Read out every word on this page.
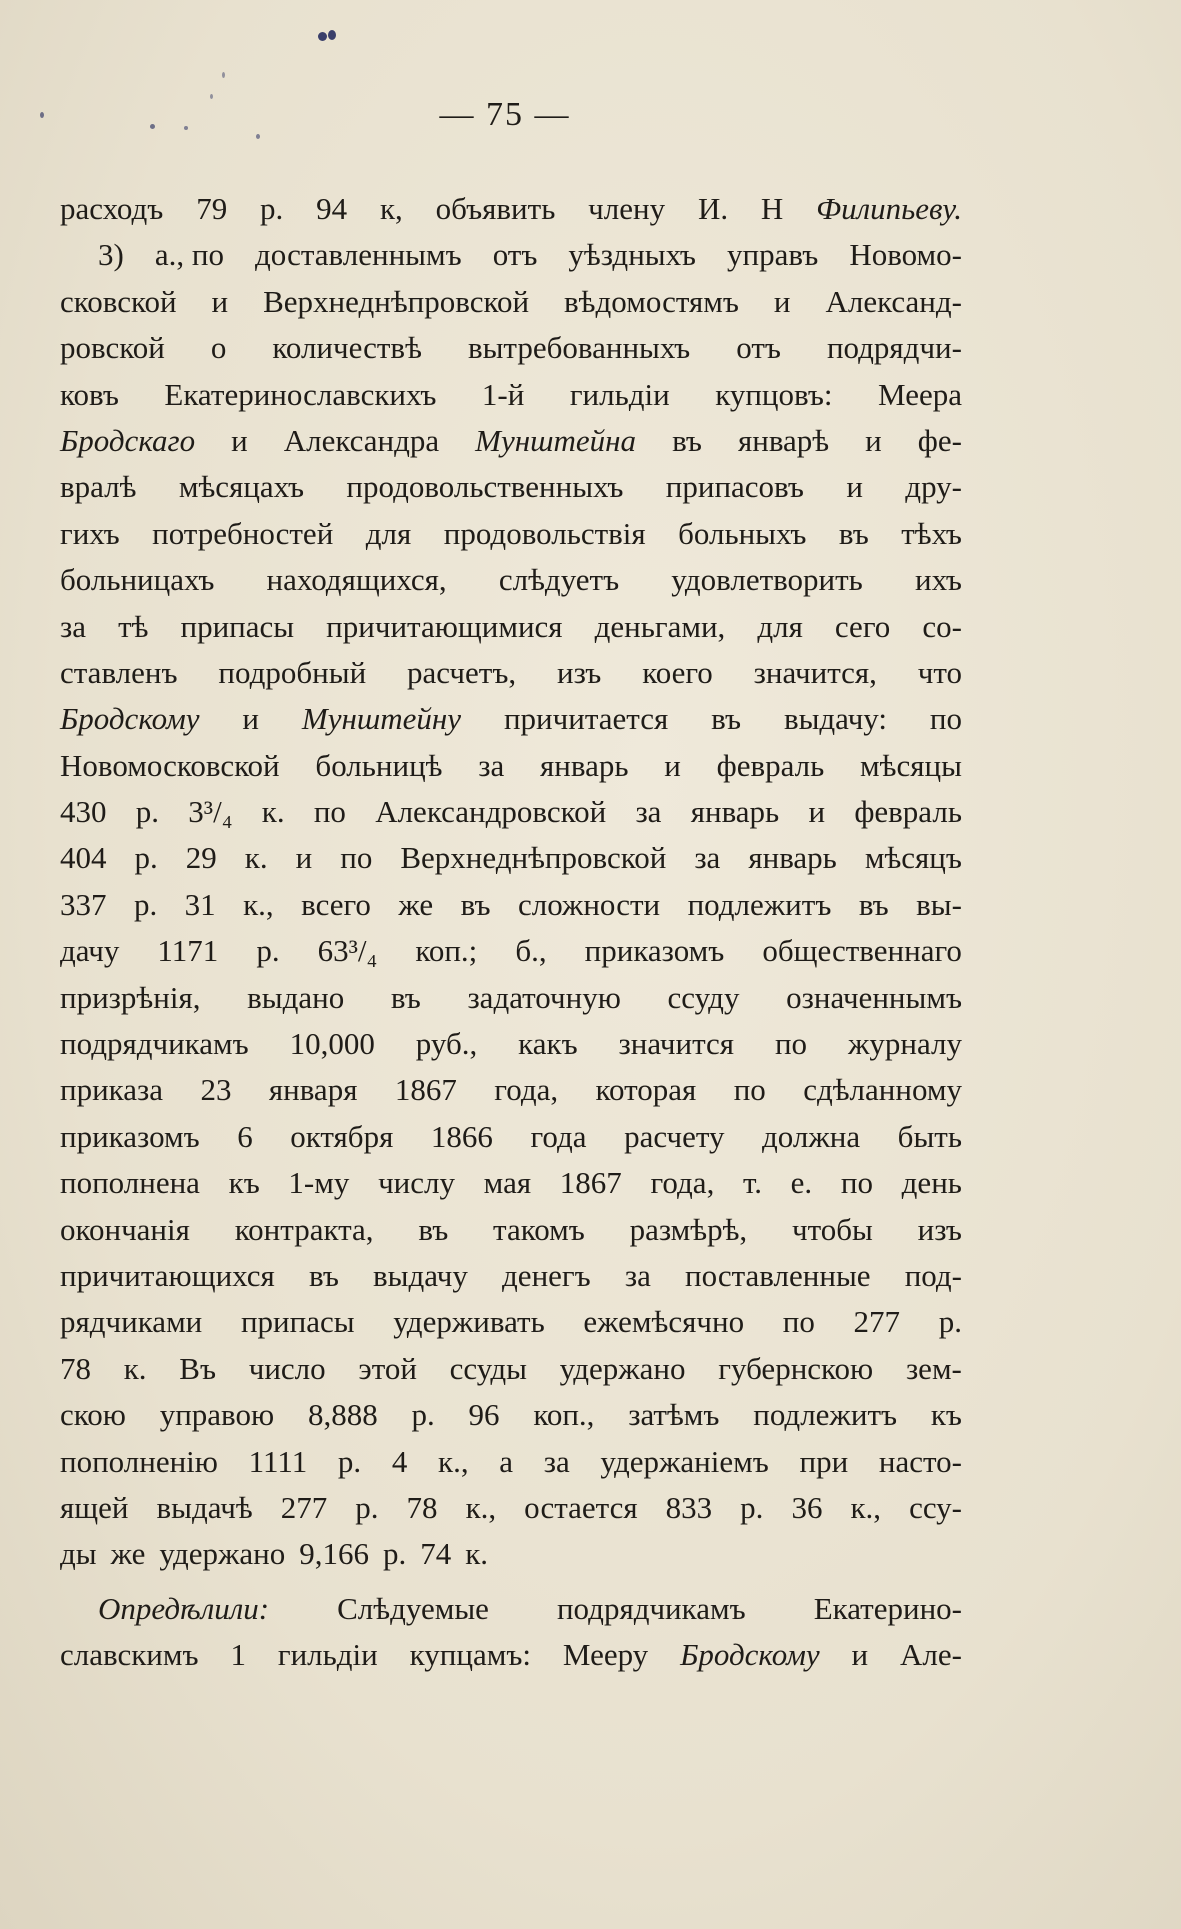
— 75 —
расходъ 79 р. 94 к, объявить члену И. Н Филипьеву.
3) а., по доставленнымъ отъ уѣздныхъ управъ Новомо-
сковской и Верхнеднѣпровской вѣдомостямъ и Александ-
ровской о количествѣ вытребованныхъ отъ подрядчи-
ковъ Екатеринославскихъ 1-й гильдіи купцовъ: Меера
Бродскаго и Александра Мунштейна въ январѣ и фе-
вралѣ мѣсяцахъ продовольственныхъ припасовъ и дру-
гихъ потребностей для продовольствія больныхъ въ тѣхъ
больницахъ находящихся, слѣдуетъ удовлетворить ихъ
за тѣ припасы причитающимися деньгами, для сего со-
ставленъ подробный расчетъ, изъ коего значится, что
Бродскому и Мунштейну причитается въ выдачу: по
Новомосковской больницѣ за январь и февраль мѣсяцы
430 р. 3³/₄ к. по Александровской за январь и февраль
404 р. 29 к. и по Верхнеднѣпровской за январь мѣсяцъ
337 р. 31 к., всего же въ сложности подлежитъ въ вы-
дачу 1171 р. 63³/₄ коп.; б., приказомъ общественнаго
призрѣнія, выдано въ задаточную ссуду означеннымъ
подрядчикамъ 10,000 руб., какъ значится по журналу
приказа 23 января 1867 года, которая по сдѣланному
приказомъ 6 октября 1866 года расчету должна быть
пополнена къ 1-му числу мая 1867 года, т. е. по день
окончанія контракта, въ такомъ размѣрѣ, чтобы изъ
причитающихся въ выдачу денегъ за поставленные под-
рядчиками припасы удерживать ежемѣсячно по 277 р.
78 к. Въ число этой ссуды удержано губернскою зем-
скою управою 8,888 р. 96 коп., затѣмъ подлежитъ къ
пополненію 1111 р. 4 к., а за удержаніемъ при насто-
ящей выдачѣ 277 р. 78 к., остается 833 р. 36 к., ссу-
ды же удержано 9,166 р. 74 к.
Опредѣлили: Слѣдуемые подрядчикамъ Екатерино-
славскимъ 1 гильдіи купцамъ: Мееру Бродскому и Але-
